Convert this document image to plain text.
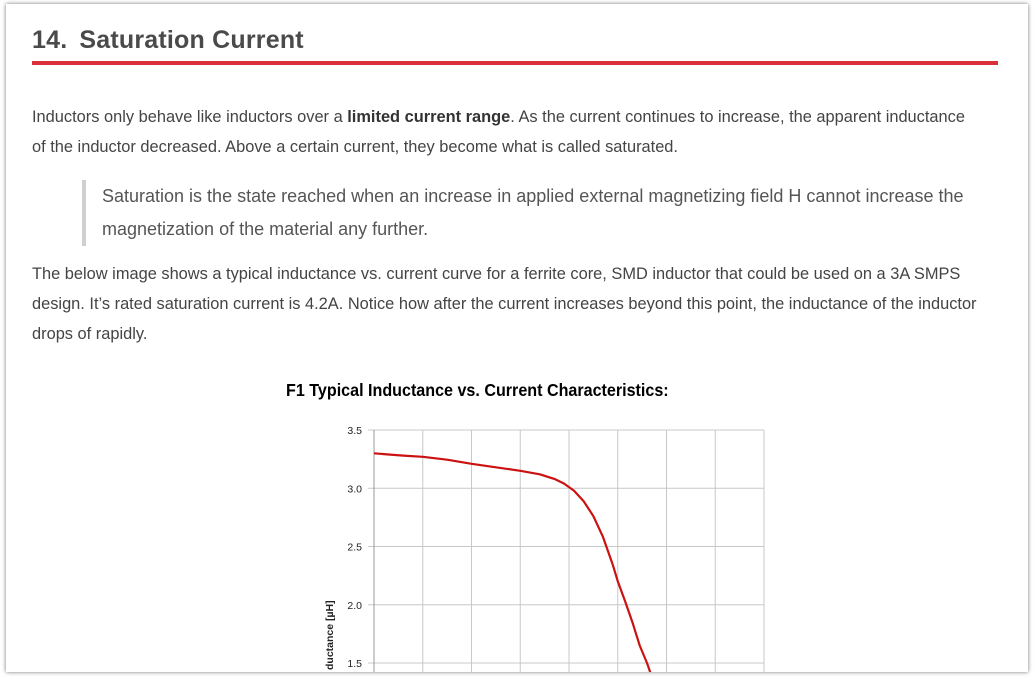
14. Saturation Current

Inductors only behave like inductors over a limited current range. As the current continues to increase, the apparent inductance of the inductor decreased. Above a certain current, they become what is called saturated.

Saturation is the state reached when an increase in applied external magnetizing field H cannot increase the magnetization of the material any further.

The below image shows a typical inductance vs. current curve for a ferrite core, SMD inductor that could be used on a 3A SMPS design. It’s rated saturation current is 4.2A. Notice how after the current increases beyond this point, the inductance of the inductor drops of rapidly.

F1 Typical Inductance vs. Current Characteristics:
3.5
3.0
2.5
2.0
1.5
ductance [µH]
